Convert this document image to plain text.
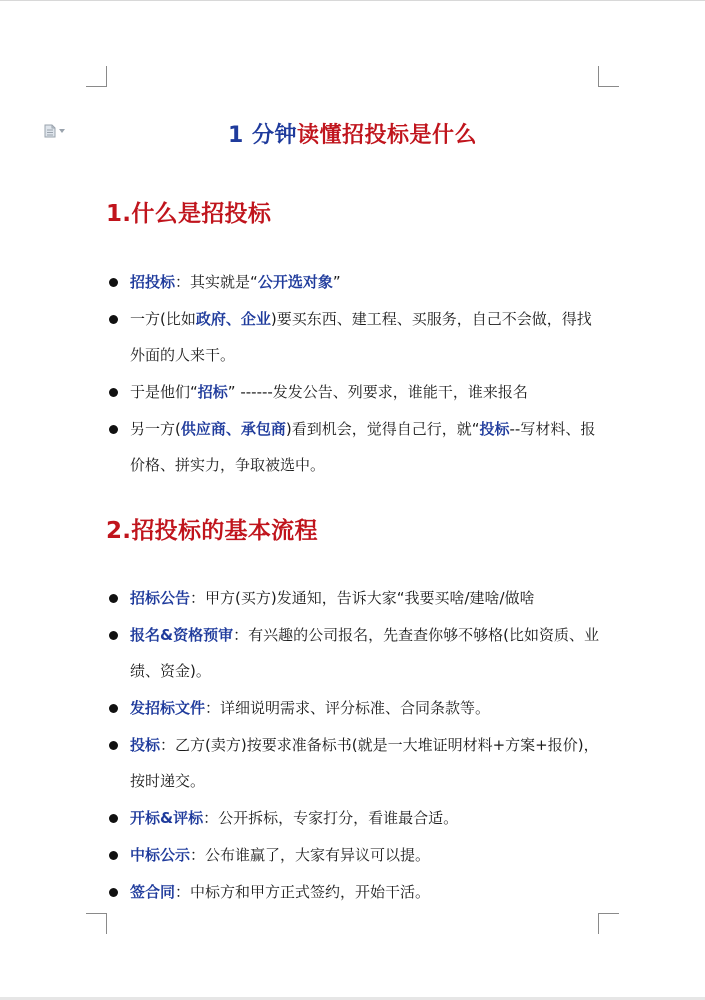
1 分钟读懂招投标是什么
1.什么是招投标
招投标：其实就是“公开选对象”
一方(比如政府、企业)要买东西、建工程、买服务，自己不会做，得找外面的人来干。
于是他们“招标” ------发发公告、列要求，谁能干，谁来报名
另一方(供应商、承包商)看到机会，觉得自己行，就“投标--写材料、报价格、拼实力，争取被选中。
2.招投标的基本流程
招标公告：甲方(买方)发通知，告诉大家“我要买啥/建啥/做啥
报名&资格预审：有兴趣的公司报名，先查查你够不够格(比如资质、业绩、资金)。
发招标文件：详细说明需求、评分标准、合同条款等。
投标：乙方(卖方)按要求准备标书(就是一大堆证明材料+方案+报价)，按时递交。
开标&评标：公开拆标，专家打分，看谁最合适。
中标公示：公布谁赢了，大家有异议可以提。
签合同：中标方和甲方正式签约，开始干活。
